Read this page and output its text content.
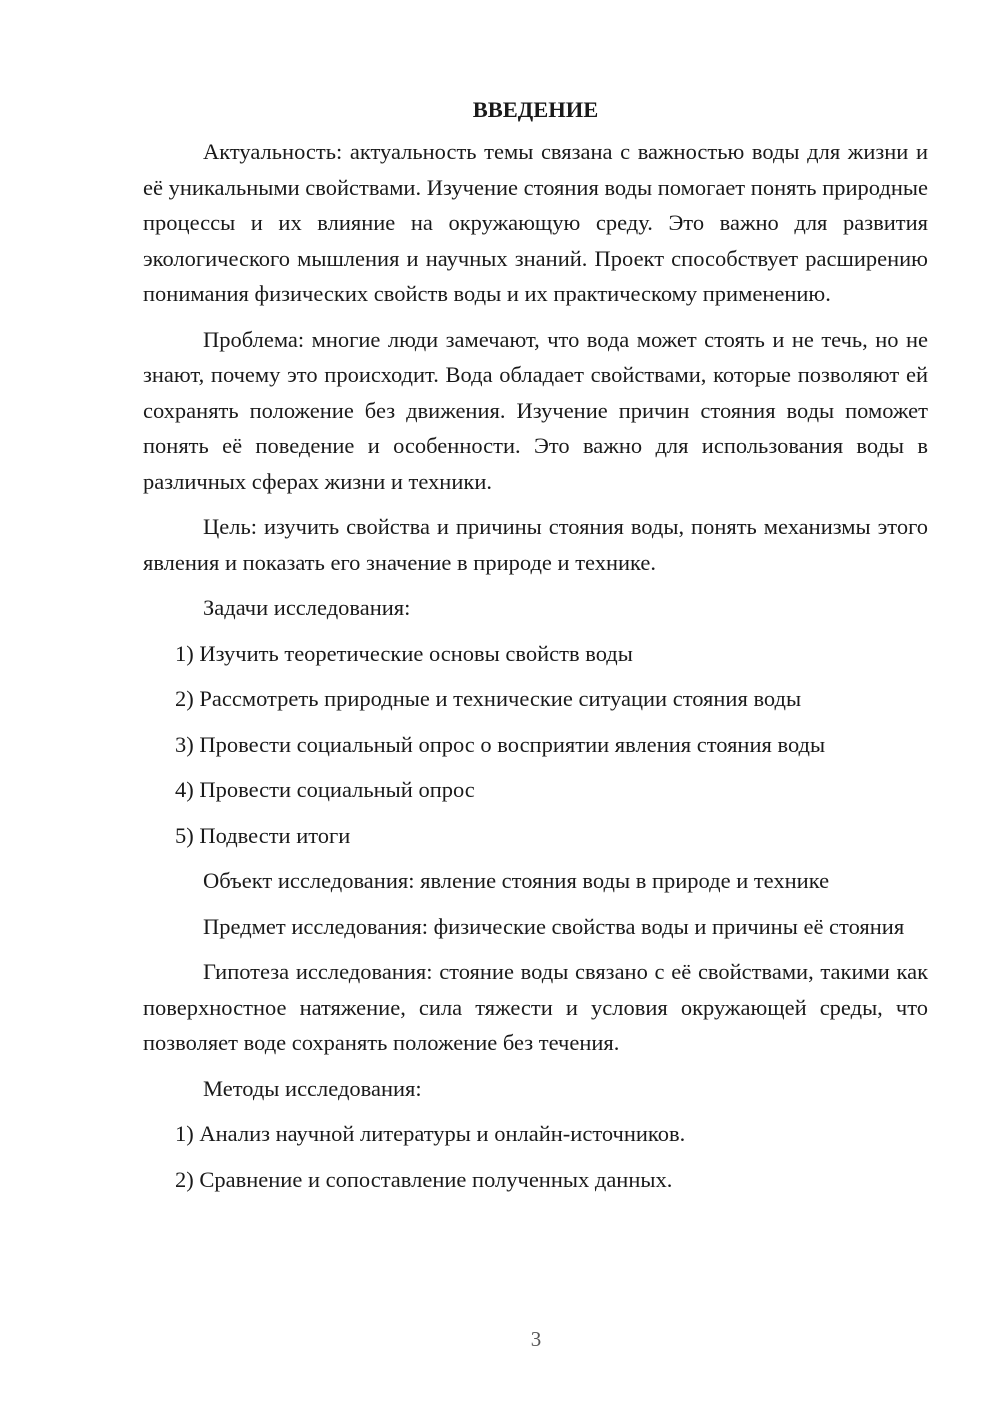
ВВЕДЕНИЕ

Актуальность: актуальность темы связана с важностью воды для жизни и её уникальными свойствами. Изучение стояния воды помогает понять природные процессы и их влияние на окружающую среду. Это важно для развития экологического мышления и научных знаний. Проект способствует расширению понимания физических свойств воды и их практическому применению.

Проблема: многие люди замечают, что вода может стоять и не течь, но не знают, почему это происходит. Вода обладает свойствами, которые позволяют ей сохранять положение без движения. Изучение причин стояния воды поможет понять её поведение и особенности. Это важно для использования воды в различных сферах жизни и техники.

Цель: изучить свойства и причины стояния воды, понять механизмы этого явления и показать его значение в природе и технике.

Задачи исследования:

1) Изучить теоретические основы свойств воды

2) Рассмотреть природные и технические ситуации стояния воды

3) Провести социальный опрос о восприятии явления стояния воды

4) Провести социальный опрос

5) Подвести итоги

Объект исследования: явление стояния воды в природе и технике

Предмет исследования: физические свойства воды и причины её стояния

Гипотеза исследования: стояние воды связано с её свойствами, такими как поверхностное натяжение, сила тяжести и условия окружающей среды, что позволяет воде сохранять положение без течения.

Методы исследования:

1) Анализ научной литературы и онлайн-источников.

2) Сравнение и сопоставление полученных данных.

3
